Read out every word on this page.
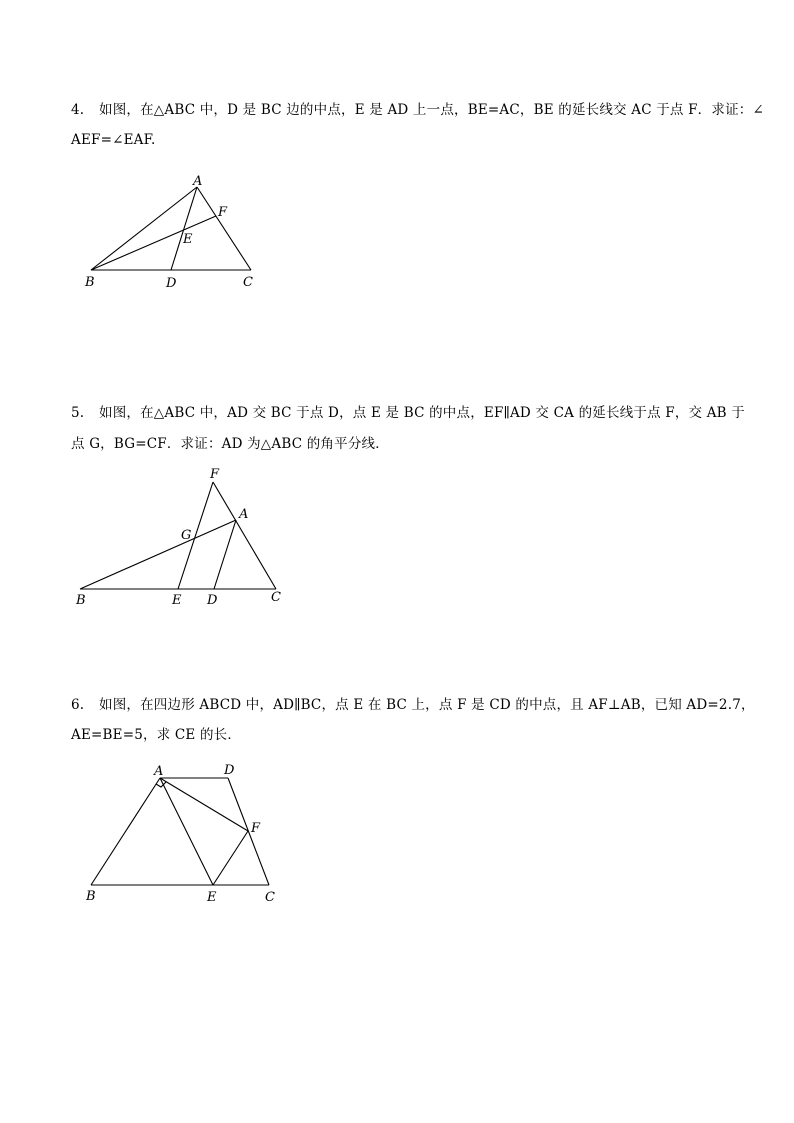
4. 如图，在△ABC 中，D 是 BC 边的中点，E 是 AD 上一点，BE=AC，BE 的延长线交 AC 于点 F．求证：∠
AEF=∠EAF.
A
B	C
D
E
F
5. 如图，在△ABC 中，AD 交 BC 于点 D，点 E 是 BC 的中点，EF∥AD 交 CA 的延长线于点 F，交 AB 于
点 G，BG=CF．求证：AD 为△ABC 的角平分线．
F
A
G
B	E D	C
6. 如图，在四边形 ABCD 中，AD∥BC，点 E 在 BC 上，点 F 是 CD 的中点，且 AF⊥AB，已知 AD=2.7，
AE=BE=5，求 CE 的长．
A	D
F
B	E	C
